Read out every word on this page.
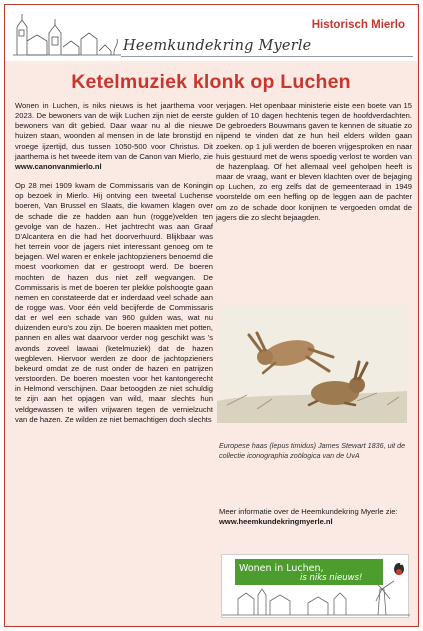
Heemkundekring Myerle
Historisch Mierlo
Ketelmuziek klonk op Luchen

Wonen in Luchen, is niks nieuws is het jaarthema voor 2023. De bewoners van de wijk Luchen zijn niet de eerste bewoners van dit gebied. Daar waar nu al die nieuwe huizen staan, woonden al mensen in de late bronstijd en vroege ijzertijd, dus tussen 1050-500 voor Christus. Dit jaarthema is het tweede item van de Canon van Mierlo, zie www.canonvanmierlo.nl

Op 28 mei 1909 kwam de Commissaris van de Koningin op bezoek in Mierlo. Hij ontving een tweetal Luchense boeren, Van Brussel en Slaats, die kwamen klagen over de schade die ze hadden aan hun (rogge)velden ten gevolge van de hazen.. Het jachtrecht was aan Graaf D'Alcantera en die had het doorverhuurd. Blijkbaar was het terrein voor de jagers niet interessant genoeg om te bejagen. Wel waren er enkele jachtopzieners benoemd die moest voorkomen dat er gestroopt werd. De boeren mochten de hazen dus niet zelf wegvangen. De Commissaris is met de boeren ter plekke polshoogte gaan nemen en constateerde dat er inderdaad veel schade aan de rogge was. Voor één veld becijferde de Commissaris dat er wel een schade van 960 gulden was, wat nu duizenden euro's zou zijn. De boeren maakten met potten, pannen en alles wat daarvoor verder nog geschikt was 's avonds zoveel lawaai (ketelmuziek) dat de hazen wegbleven. Hiervoor werden ze door de jachtopzieners bekeurd omdat ze de rust onder de hazen en patrijzen verstoorden. De boeren moesten voor het kantongerecht in Helmond verschijnen. Daar betoogden ze niet schuldig te zijn aan het opjagen van wild, maar slechts hun veldgewassen te willen vrijwaren tegen de vernielzucht van de hazen. Ze wilden ze niet bemachtigen doch slechts

verjagen. Het openbaar ministerie eiste een boete van 15 gulden of 10 dagen hechtenis tegen de hoofdverdachten. De gebroeders Bouwmans gaven te kennen de situatie zo nijpend te vinden dat ze hun heil elders wilden gaan zoeken. op 1 juli werden de boeren vrijgesproken en naar huis gestuurd met de wens spoedig verlost te worden van de hazenplaag. Of het allemaal veel geholpen heeft is maar de vraag, want er bleven klachten over de bejaging op Luchen, zo erg zelfs dat de gemeenteraad in 1949 voorstelde om een heffing op de leggen aan de pachter om zo de schade door konijnen te vergoeden omdat de jagers die zo slecht bejaagden.

Europese haas (lepus timidus) James Stewart 1836, uit de collectie iconographia zoölogica van de UvA
Meer informatie over de Heemkundekring Myerle zie:
www.heemkundekringmyerle.nl
Wonen in Luchen,
is niks nieuws!
